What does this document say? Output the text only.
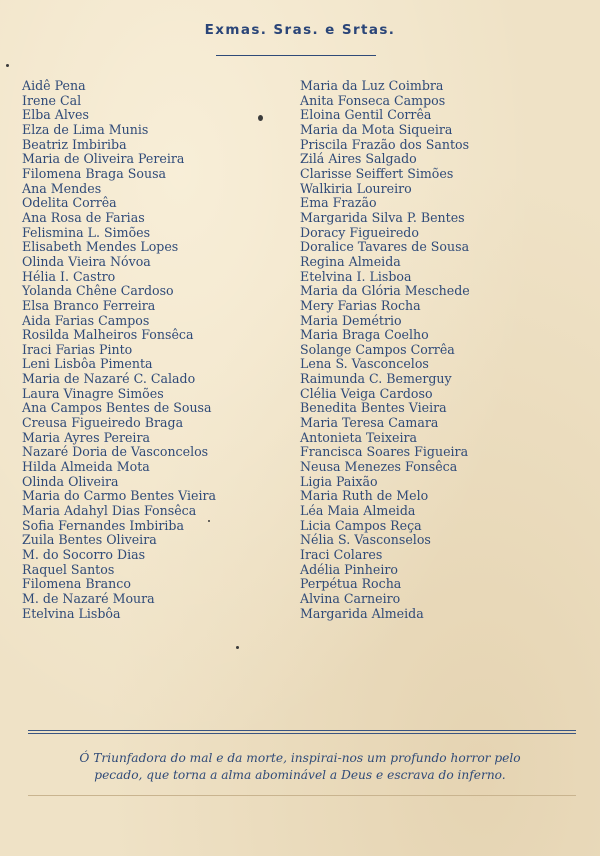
Exmas. Sras. e Srtas.
Aidê Pena
Irene Cal
Elba Alves
Elza de Lima Munis
Beatriz Imbiriba
Maria de Oliveira Pereira
Filomena Braga Sousa
Ana Mendes
Odelita Corrêa
Ana Rosa de Farias
Felismina L. Simões
Elisabeth Mendes Lopes
Olinda Vieira Nóvoa
Hélia I. Castro
Yolanda Chêne Cardoso
Elsa Branco Ferreira
Aida Farias Campos
Rosilda Malheiros Fonsêca
Iraci Farias Pinto
Leni Lisbôa Pimenta
Maria de Nazaré C. Calado
Laura Vinagre Simões
Ana Campos Bentes de Sousa
Creusa Figueiredo Braga
Maria Ayres Pereira
Nazaré Doria de Vasconcelos
Hilda Almeida Mota
Olinda Oliveira
Maria do Carmo Bentes Vieira
Maria Adahyl Dias Fonsêca
Sofia Fernandes Imbiriba
Zuila Bentes Oliveira
M. do Socorro Dias
Raquel Santos
Filomena Branco
M. de Nazaré Moura
Etelvina Lisbôa
Maria da Luz Coimbra
Anita Fonseca Campos
Eloina Gentil Corrêa
Maria da Mota Siqueira
Priscila Frazão dos Santos
Zilá Aires Salgado
Clarisse Seiffert Simões
Walkiria Loureiro
Ema Frazão
Margarida Silva P. Bentes
Doracy Figueiredo
Doralice Tavares de Sousa
Regina Almeida
Etelvina I. Lisboa
Maria da Glória Meschede
Mery Farias Rocha
Maria Demétrio
Maria Braga Coelho
Solange Campos Corrêa
Lena S. Vasconcelos
Raimunda C. Bemerguy
Clélia Veiga Cardoso
Benedita Bentes Vieira
Maria Teresa Camara
Antonieta Teixeira
Francisca Soares Figueira
Neusa Menezes Fonsêca
Ligia Paixão
Maria Ruth de Melo
Léa Maia Almeida
Licia Campos Reça
Nélia S. Vasconselos
Iraci Colares
Adélia Pinheiro
Perpétua Rocha
Alvina Carneiro
Margarida Almeida
Ó Triunfadora do mal e da morte, inspirai-nos um profundo horror pelo
pecado, que torna a alma abominável a Deus e escrava do inferno.
